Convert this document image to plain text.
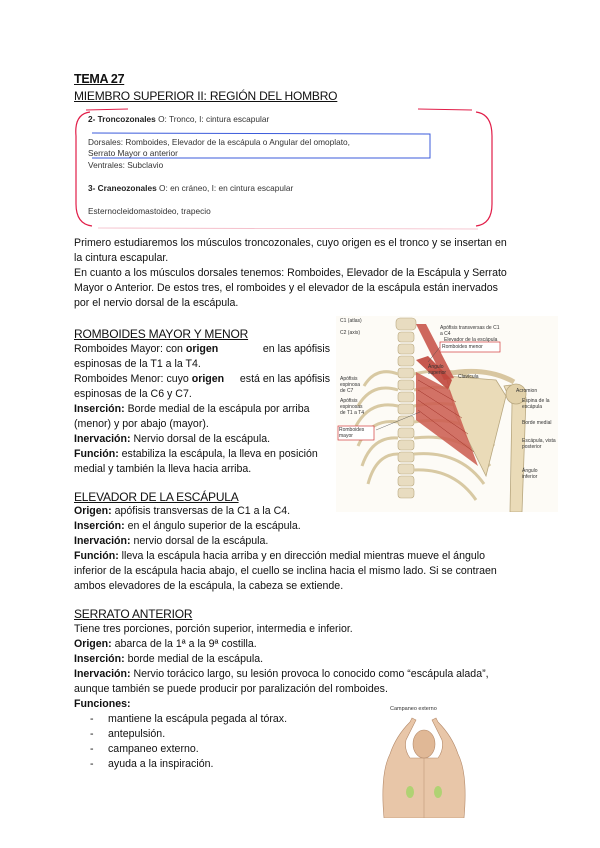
TEMA 27
MIEMBRO SUPERIOR II: REGIÓN DEL HOMBRO
2- Troncozonales O: Tronco, I: cintura escapular
Dorsales: Romboides, Elevador de la escápula o Angular del omoplato,
Serrato Mayor o anterior
Ventrales: Subclavio
3- Craneozonales O: en cráneo, I: en cintura escapular
Esternocleidomastoideo, trapecio
Primero estudiaremos los músculos troncozonales, cuyo origen es el tronco y se insertan en
la cintura escapular.
En cuanto a los músculos dorsales tenemos: Romboides, Elevador de la Escápula y Serrato
Mayor o Anterior. De estos tres, el romboides y el elevador de la escápula están inervados
por el nervio dorsal de la escápula.
ROMBOIDES MAYOR Y MENOR
Romboides Mayor: con origen	en las apófisis
espinosas de la T1 a la T4.
Romboides Menor: cuyo origen está en las apófisis
espinosas de la C6 y C7.
Inserción: Borde medial de la escápula por arriba
(menor) y por abajo (mayor).
Inervación: Nervio dorsal de la escápula.
Función: estabiliza la escápula, la lleva en posición
medial y también la lleva hacia arriba.
C1 (atlas)
C2 (axis)
Apófisis transversas de C1 a C4
Elevador de la escápula
Romboides menor
Ángulo superior
Clavícula
Apófisis espinosa de C7
Apófisis espinosas de T1 a T4
Acromion
Espina de la escápula
Romboides mayor
Borde medial
Escápula, vista posterior
Ángulo inferior
ELEVADOR DE LA ESCÁPULA
Origen: apófisis transversas de la C1 a la C4.
Inserción: en el ángulo superior de la escápula.
Inervación: nervio dorsal de la escápula.
Función: lleva la escápula hacia arriba y en dirección medial mientras mueve el ángulo
inferior de la escápula hacia abajo, el cuello se inclina hacia el mismo lado. Si se contraen
ambos elevadores de la escápula, la cabeza se extiende.
SERRATO ANTERIOR
Tiene tres porciones, porción superior, intermedia e inferior.
Origen: abarca de la 1ª a la 9ª costilla.
Inserción: borde medial de la escápula.
Inervación: Nervio torácico largo, su lesión provoca lo conocido como “escápula alada”,
aunque también se puede producir por paralización del romboides.
Funciones:
- mantiene la escápula pegada al tórax.
- antepulsión.
- campaneo externo.
- ayuda a la inspiración.
Campaneo externo
